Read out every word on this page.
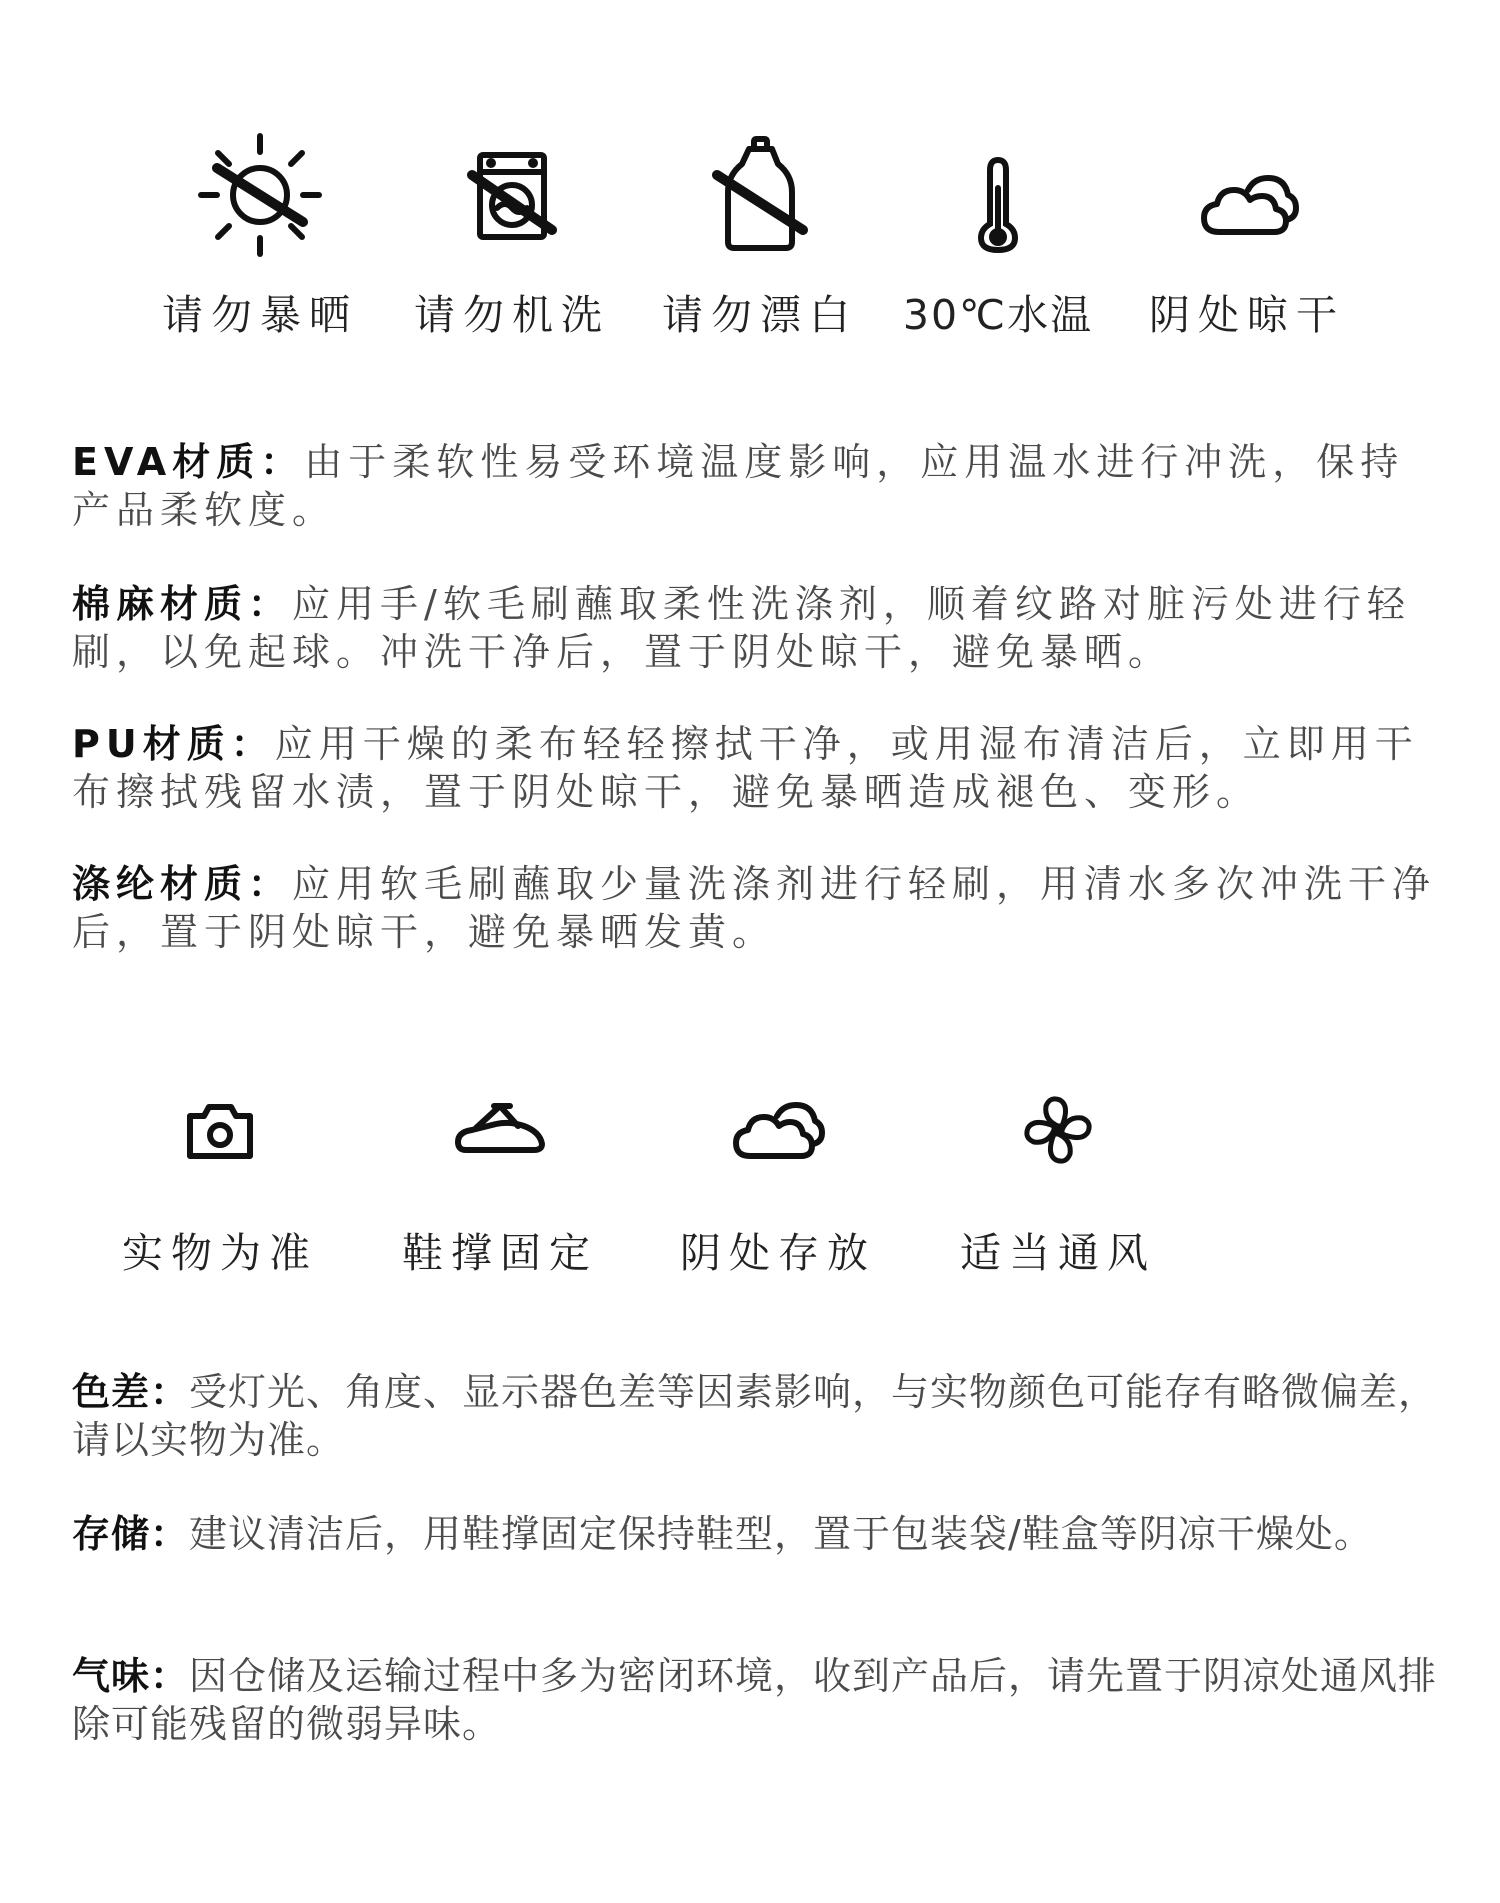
请勿暴晒	请勿机洗	请勿漂白	30℃水温	阴处晾干

EVA材质：由于柔软性易受环境温度影响，应用温水进行冲洗，保持产品柔软度。

棉麻材质：应用手/软毛刷蘸取柔性洗涤剂，顺着纹路对脏污处进行轻刷，以免起球。冲洗干净后，置于阴处晾干，避免暴晒。

PU材质：应用干燥的柔布轻轻擦拭干净，或用湿布清洁后，立即用干布擦拭残留水渍，置于阴处晾干，避免暴晒造成褪色、变形。

涤纶材质：应用软毛刷蘸取少量洗涤剂进行轻刷，用清水多次冲洗干净后，置于阴处晾干，避免暴晒发黄。

实物为准	鞋撑固定	阴处存放	适当通风

色差：受灯光、角度、显示器色差等因素影响，与实物颜色可能存有略微偏差，请以实物为准。

存储：建议清洁后，用鞋撑固定保持鞋型，置于包装袋/鞋盒等阴凉干燥处。

气味：因仓储及运输过程中多为密闭环境，收到产品后，请先置于阴凉处通风排除可能残留的微弱异味。
